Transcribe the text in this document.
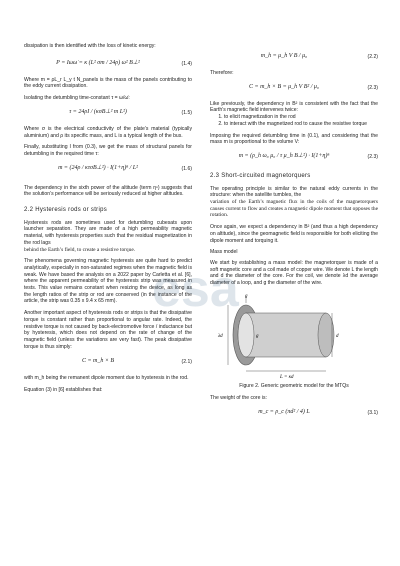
dissipation is then identified with the loss of kinetic energy:

P = Iωω̇ = κ (L² σm / 24ρ) ω² B⊥²	(1.4)

Where m = ρL_r L_y t N_panels is the mass of the panels contributing to the eddy current dissipation.

Isolating the detumbling time-constant τ = ω/ω̇:

τ = 24ρI / (κσB⊥² m L²)	(1.5)

Where σ is the electrical conductivity of the plate’s material (typically aluminium) and ρ its specific mass, and L is a typical length of the bus.

Finally, substituting I from (0.3), we get the mass of structural panels for detumbling in the required time τ:

m = (24ρ / κτσB⊥²) · I(1+η)ⁿ / L²	(1.6)

The dependency in the sixth power of the altitude (term ηⁿ) suggests that the solution’s performance will be seriously reduced at higher altitudes.

2.2 Hysteresis rods or strips

Hysteresis rods are sometimes used for detumbling cubesats upon launcher separation. They are made of a high permeability magnetic material, with hysteresis properties such that the residual magnetization in the rod lags

behind the Earth’s field, to create a resistive torque.

The phenomena governing magnetic hysteresis are quite hard to predict analytically, especially in non-saturated regimes when the magnetic field is weak. We have based the analysis on a 2022 paper by Carletta et al. [6], where the apparent permeability of the hysteresis strip was measured in tests. This value remains constant when resizing the device, as long as the length ratios of the strip or rod are conserved (in the instance of the article, the strip was 0.35 x 9.4 x 65 mm).

Another important aspect of hysteresis rods or strips is that the dissipative torque is constant rather than proportional to angular rate. Indeed, the resistive torque is not caused by back-electromotive force / inductance but by hysteresis, which does not depend on the rate of change of the magnetic field (unless the variations are very fast). The peak dissipative torque is thus simply:

C = m_h × B	(2.1)

with m_h being the remanent dipole moment due to hysteresis in the rod.

Equation (3) in [6] establishes that:

m_h = μ_h V B / μ₀	(2.2)

Therefore:

C = m_h × B = μ_h V B² / μ₀	(2.3)

Like previously, the dependency in B² is consistent with the fact that the Earth’s magnetic field intervenes twice:

1. to elicit magnetization in the rod
2. to interact with the magnetized rod to cause the resistive torque

Imposing the required detumbling time in (0.1), and considering that the mass m is proportional to the volume V:

m = (ρ_h ω₀ μ₀ / τ μ_h B⊥²) · I(1+η)ⁿ	(2.3)

2.3 Short-circuited magnetorquers

The operating principle is similar to the natural eddy currents in the structure: when the satellite tumbles, the

variation of the Earth’s magnetic flux in the coils of the magnetorquers causes current to flow and creates a magnetic dipole moment that opposes the rotation.

Once again, we expect a dependency in B² (and thus a high dependency on altitude), since the geomagnetic field is responsible for both eliciting the dipole moment and torquing it.

Mass model

We start by establishing a mass model: the magnetorquer is made of a soft magnetic core and a coil made of copper wire. We denote L the length and d the diameter of the core. For the coil, we denote λd the average diameter of a loop, and g the diameter of the wire.

g
λd	g	d
L = κd

Figure 2. Generic geometric model for the MTQs

The weight of the core is:

m_c = ρ_c (πd² / 4) L	(3.1)
esa
